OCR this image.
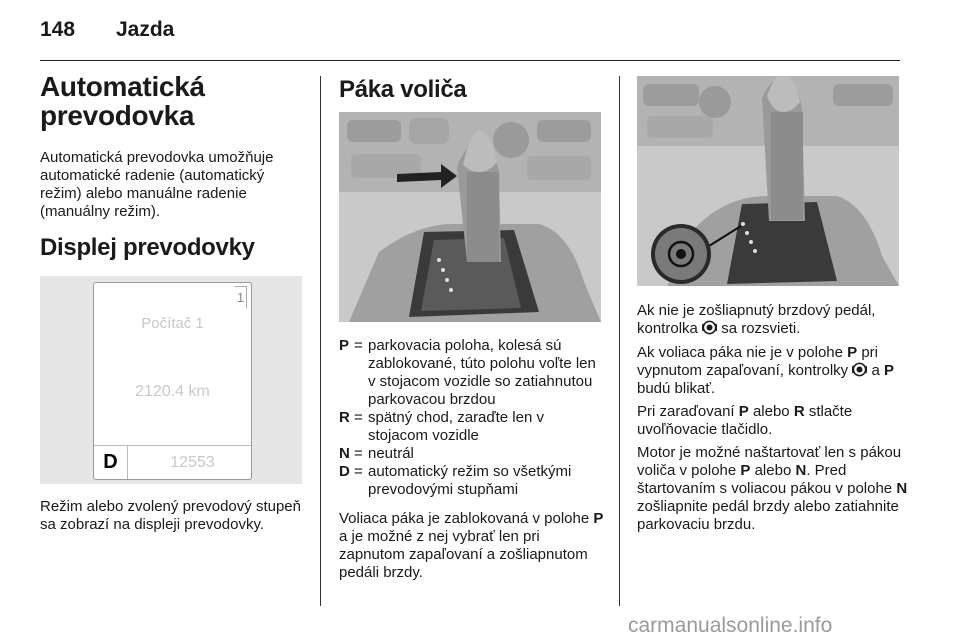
148 Jazda
Automatická prevodovka
Automatická prevodovka umožňuje automatické radenie (automatický režim) alebo manuálne radenie (manuálny režim).
Displej prevodovky
1
Počítač 1
2120.4 km
D	12553
Režim alebo zvolený prevodový stupeň sa zobrazí na displeji prevodovky.
Páka voliča
P = parkovacia poloha, kolesá sú zablokované, túto polohu voľte len v stojacom vozidle so zatiahnutou parkovacou brzdou
R = spätný chod, zaraďte len v stojacom vozidle
N = neutrál
D = automatický režim so všetkými prevodovými stupňami
Voliaca páka je zablokovaná v polohe P a je možné z nej vybrať len pri zapnutom zapaľovaní a zošliapnutom pedáli brzdy.
Ak nie je zošliapnutý brzdový pedál, kontrolka  sa rozsvieti.
Ak voliaca páka nie je v polohe P pri vypnutom zapaľovaní, kontrolky  a P budú blikať.
Pri zaraďovaní P alebo R stlačte uvoľňovacie tlačidlo.
Motor je možné naštartovať len s pákou voliča v polohe P alebo N. Pred štartovaním s voliacou pákou v polohe N zošliapnite pedál brzdy alebo zatiahnite parkovaciu brzdu.
carmanualsonline.info
